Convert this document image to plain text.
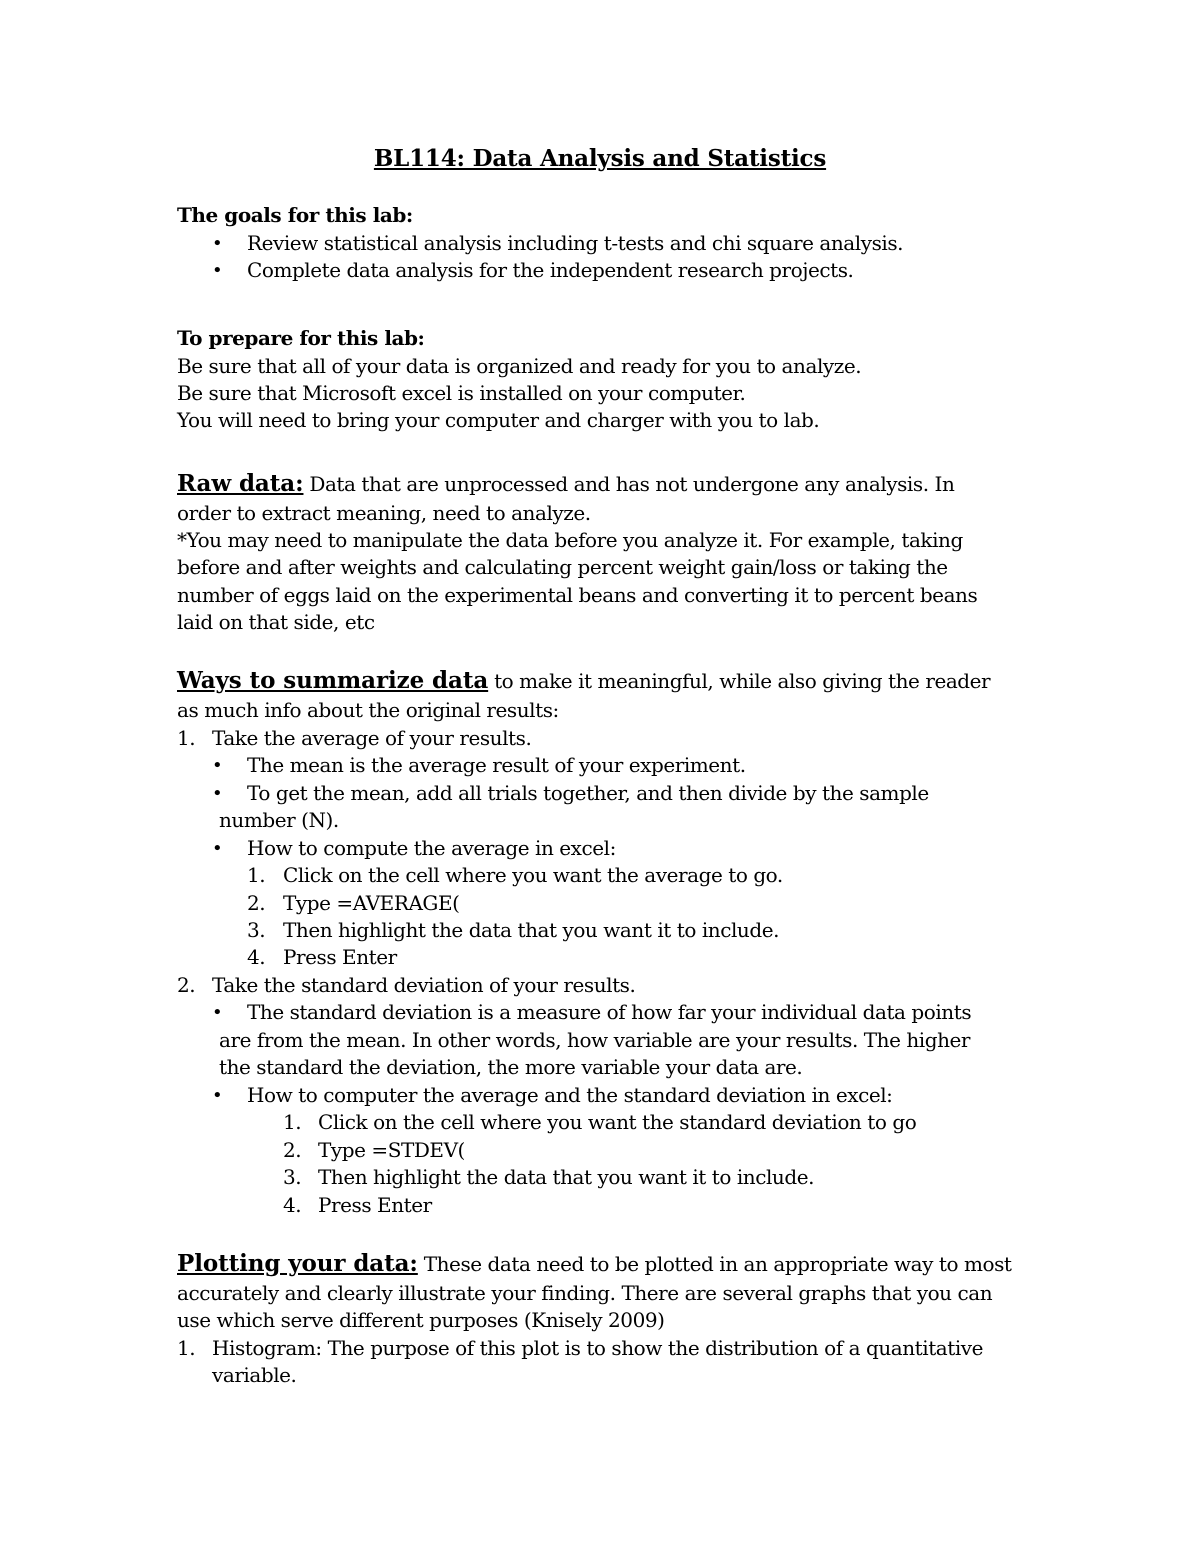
BL114: Data Analysis and Statistics
The goals for this lab:
• Review statistical analysis including t-tests and chi square analysis.
• Complete data analysis for the independent research projects.
To prepare for this lab:
Be sure that all of your data is organized and ready for you to analyze.
Be sure that Microsoft excel is installed on your computer.
You will need to bring your computer and charger with you to lab.
Raw data: Data that are unprocessed and has not undergone any analysis. In
order to extract meaning, need to analyze.
*You may need to manipulate the data before you analyze it. For example, taking
before and after weights and calculating percent weight gain/loss or taking the
number of eggs laid on the experimental beans and converting it to percent beans
laid on that side, etc
Ways to summarize data to make it meaningful, while also giving the reader
as much info about the original results:
1. Take the average of your results.
• The mean is the average result of your experiment.
• To get the mean, add all trials together, and then divide by the sample
number (N).
• How to compute the average in excel:
1. Click on the cell where you want the average to go.
2. Type =AVERAGE(
3. Then highlight the data that you want it to include.
4. Press Enter
2. Take the standard deviation of your results.
• The standard deviation is a measure of how far your individual data points
are from the mean. In other words, how variable are your results. The higher
the standard the deviation, the more variable your data are.
• How to computer the average and the standard deviation in excel:
1. Click on the cell where you want the standard deviation to go
2. Type =STDEV(
3. Then highlight the data that you want it to include.
4. Press Enter
Plotting your data: These data need to be plotted in an appropriate way to most
accurately and clearly illustrate your finding. There are several graphs that you can
use which serve different purposes (Knisely 2009)
1. Histogram: The purpose of this plot is to show the distribution of a quantitative
variable.
